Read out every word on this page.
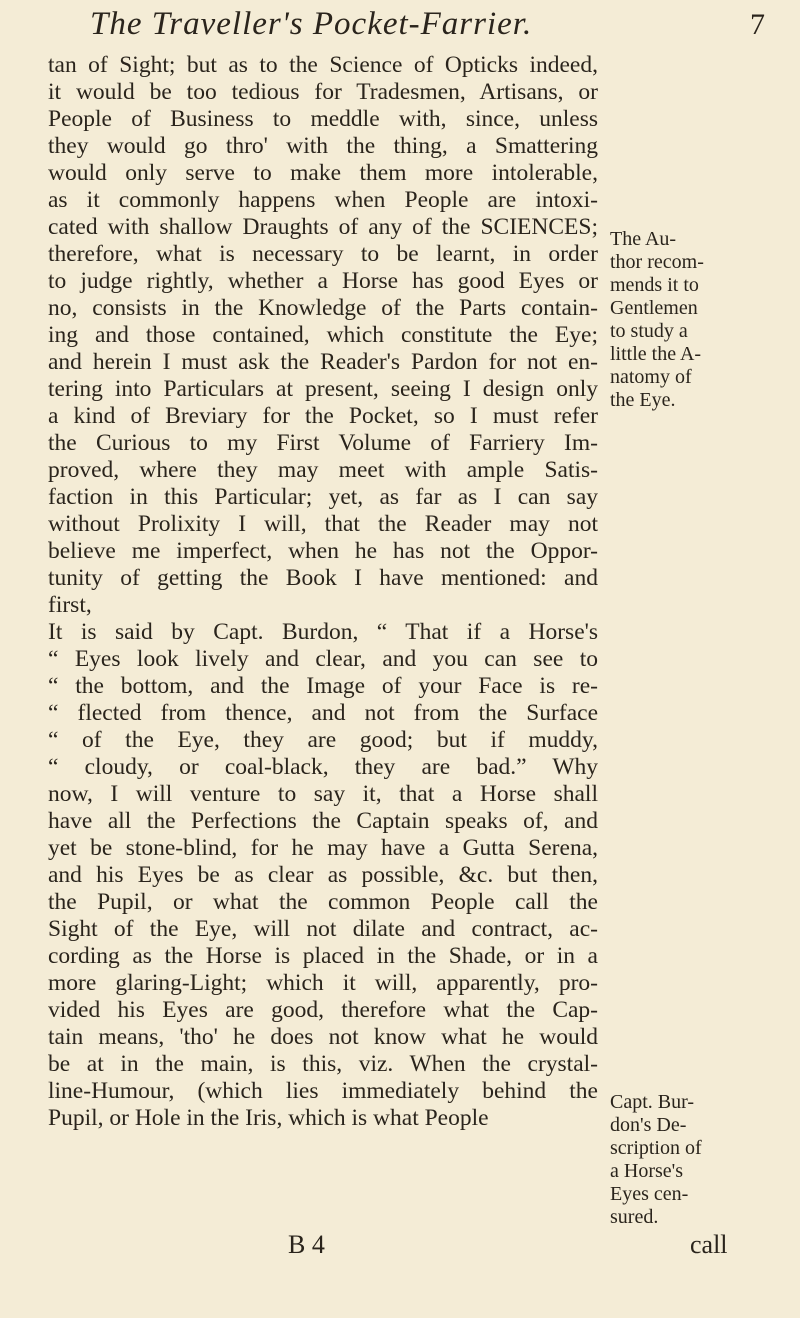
The Traveller's Pocket-Farrier.	7
tan of Sight; but as to the Science of Opticks indeed,
it would be too tedious for Tradesmen, Artisans, or
People of Business to meddle with, since, unless
they would go thro' with the thing, a Smattering
would only serve to make them more intolerable,
as it commonly happens when People are intoxi-
cated with shallow Draughts of any of the SCIENCES;
therefore, what is necessary to be learnt, in order
to judge rightly, whether a Horse has good Eyes or
no, consists in the Knowledge of the Parts contain-
ing and those contained, which constitute the Eye;
and herein I must ask the Reader's Pardon for not en-
tering into Particulars at present, seeing I design only
a kind of Breviary for the Pocket, so I must refer
the Curious to my First Volume of Farriery Im-
proved, where they may meet with ample Satis-
faction in this Particular; yet, as far as I can say
without Prolixity I will, that the Reader may not
believe me imperfect, when he has not the Oppor-
tunity of getting the Book I have mentioned: and
first,
It is said by Capt. Burdon, “ That if a Horse's
“ Eyes look lively and clear, and you can see to
“ the bottom, and the Image of your Face is re-
“ flected from thence, and not from the Surface
“ of the Eye, they are good; but if muddy,
“ cloudy, or coal-black, they are bad.” Why
now, I will venture to say it, that a Horse shall
have all the Perfections the Captain speaks of, and
yet be stone-blind, for he may have a Gutta Serena,
and his Eyes be as clear as possible, &c. but then,
the Pupil, or what the common People call the
Sight of the Eye, will not dilate and contract, ac-
cording as the Horse is placed in the Shade, or in a
more glaring-Light; which it will, apparently, pro-
vided his Eyes are good, therefore what the Cap-
tain means, 'tho' he does not know what he would
be at in the main, is this, viz. When the crystal-
line-Humour, (which lies immediately behind the
Pupil, or Hole in the Iris, which is what People
The Au-
thor recom-
mends it to
Gentlemen
to study a
little the A-
natomy of
the Eye.
Capt. Bur-
don's De-
scription of
a Horse's
Eyes cen-
sured.
B 4	call
